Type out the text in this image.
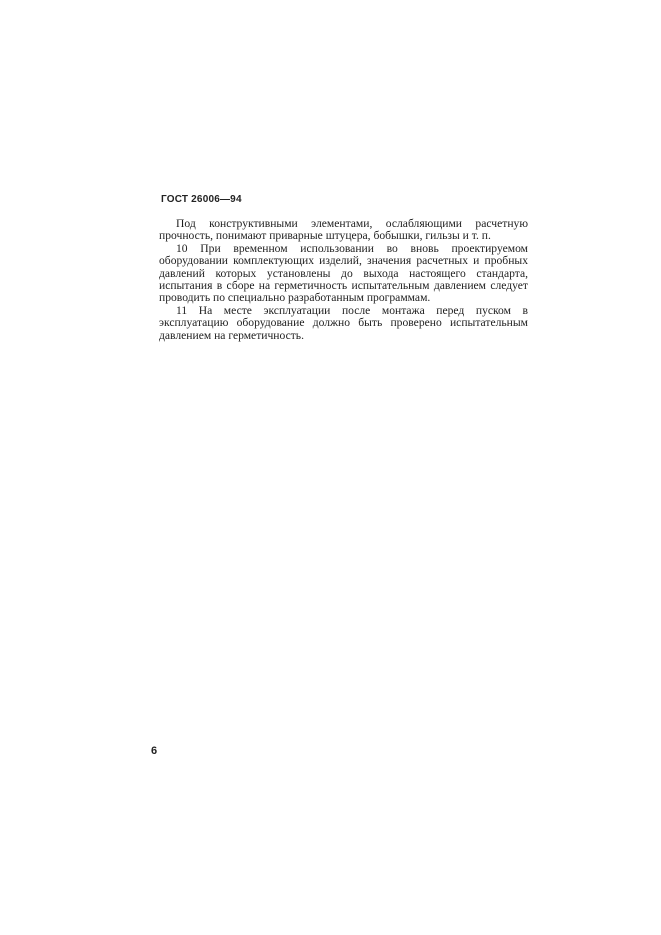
ГОСТ 26006—94

Под конструктивными элементами, ослабляющими расчетную прочность, понимают приварные штуцера, бобышки, гильзы и т. п.

10 При временном использовании во вновь проектируемом оборудовании комплектующих изделий, значения расчетных и пробных давлений которых установлены до выхода настоящего стандарта, испытания в сборе на герметичность испытательным давлением следует проводить по специально разработанным программам.

11 На месте эксплуатации после монтажа перед пуском в эксплуатацию оборудование должно быть проверено испытательным давлением на герметичность.

6
